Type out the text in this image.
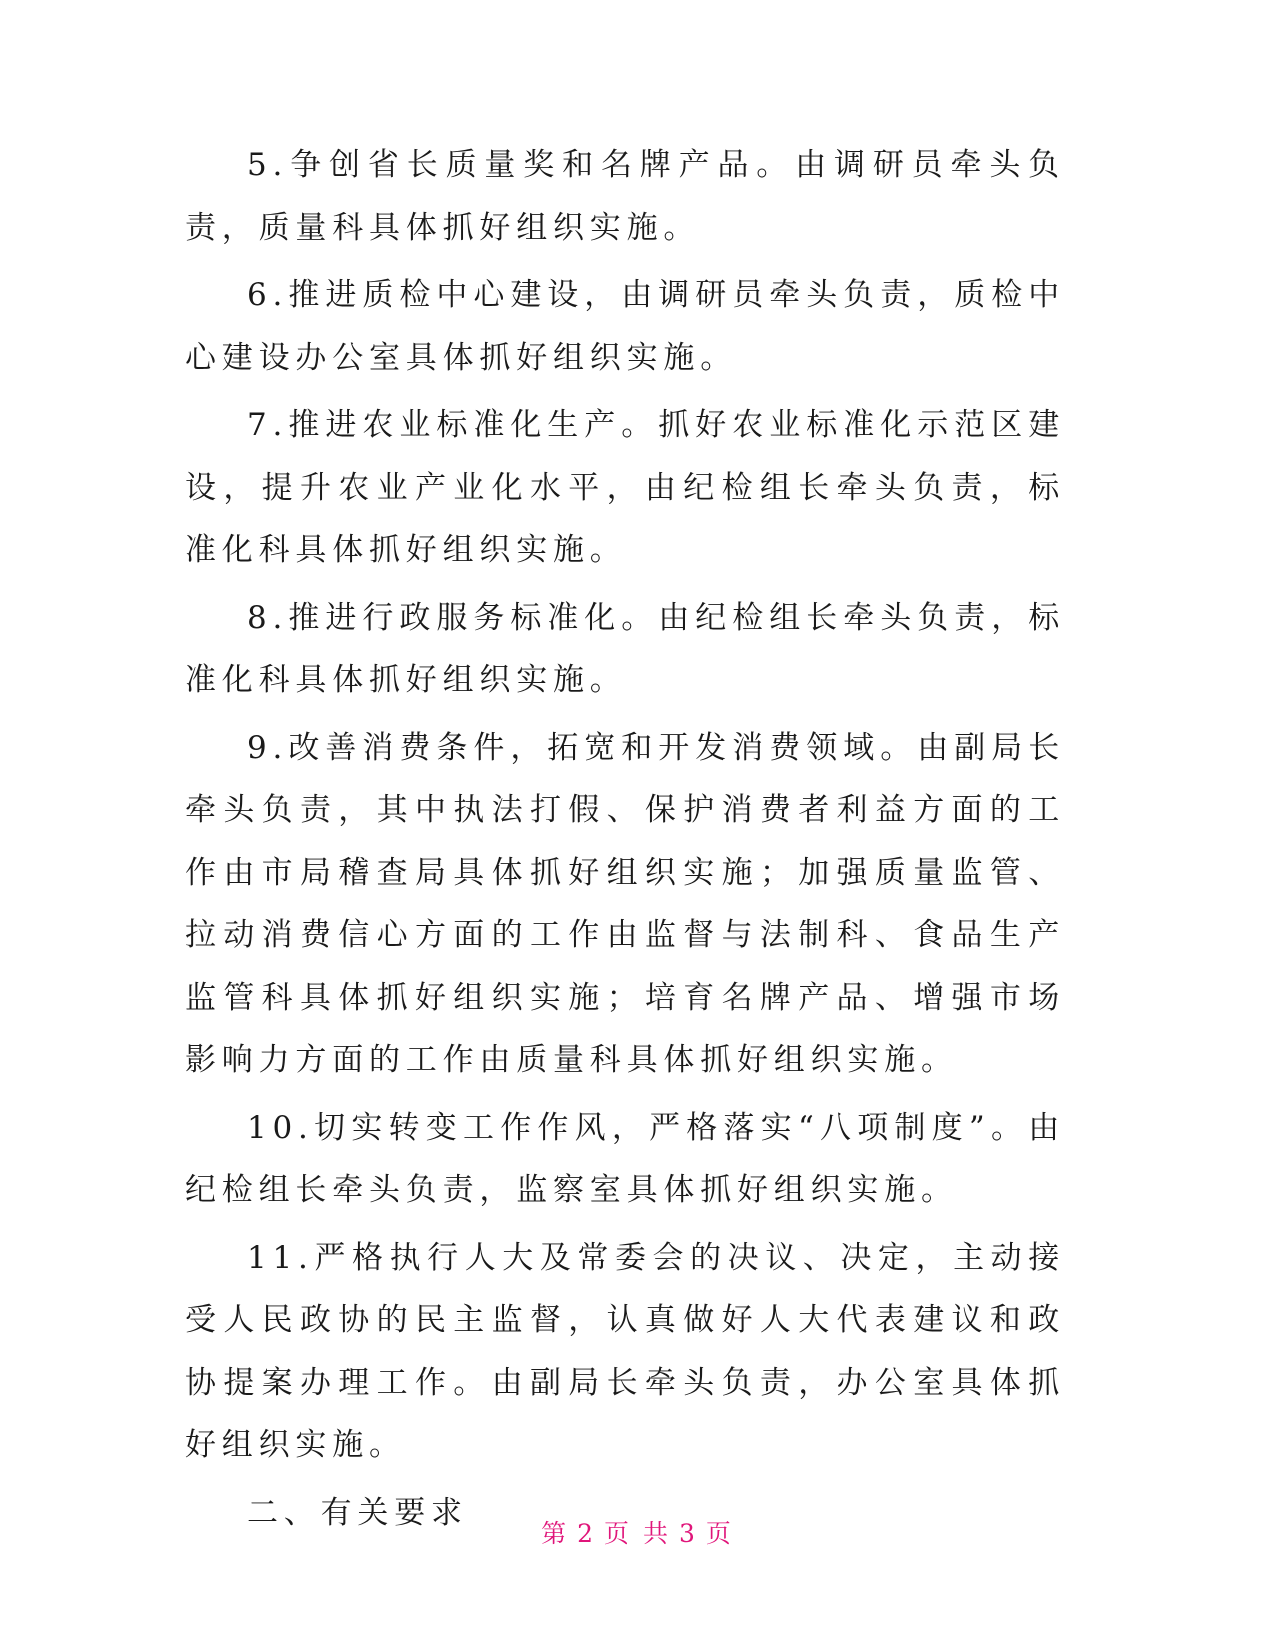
5.争创省长质量奖和名牌产品。由调研员牵头负责，质量科具体抓好组织实施。

6.推进质检中心建设，由调研员牵头负责，质检中心建设办公室具体抓好组织实施。

7.推进农业标准化生产。抓好农业标准化示范区建设，提升农业产业化水平，由纪检组长牵头负责，标准化科具体抓好组织实施。

8.推进行政服务标准化。由纪检组长牵头负责，标准化科具体抓好组织实施。

9.改善消费条件，拓宽和开发消费领域。由副局长牵头负责，其中执法打假、保护消费者利益方面的工作由市局稽查局具体抓好组织实施；加强质量监管、拉动消费信心方面的工作由监督与法制科、食品生产监管科具体抓好组织实施；培育名牌产品、增强市场影响力方面的工作由质量科具体抓好组织实施。

10.切实转变工作作风，严格落实“八项制度”。由纪检组长牵头负责，监察室具体抓好组织实施。

11.严格执行人大及常委会的决议、决定，主动接受人民政协的民主监督，认真做好人大代表建议和政协提案办理工作。由副局长牵头负责，办公室具体抓好组织实施。

二、有关要求

第 2 页 共 3 页
